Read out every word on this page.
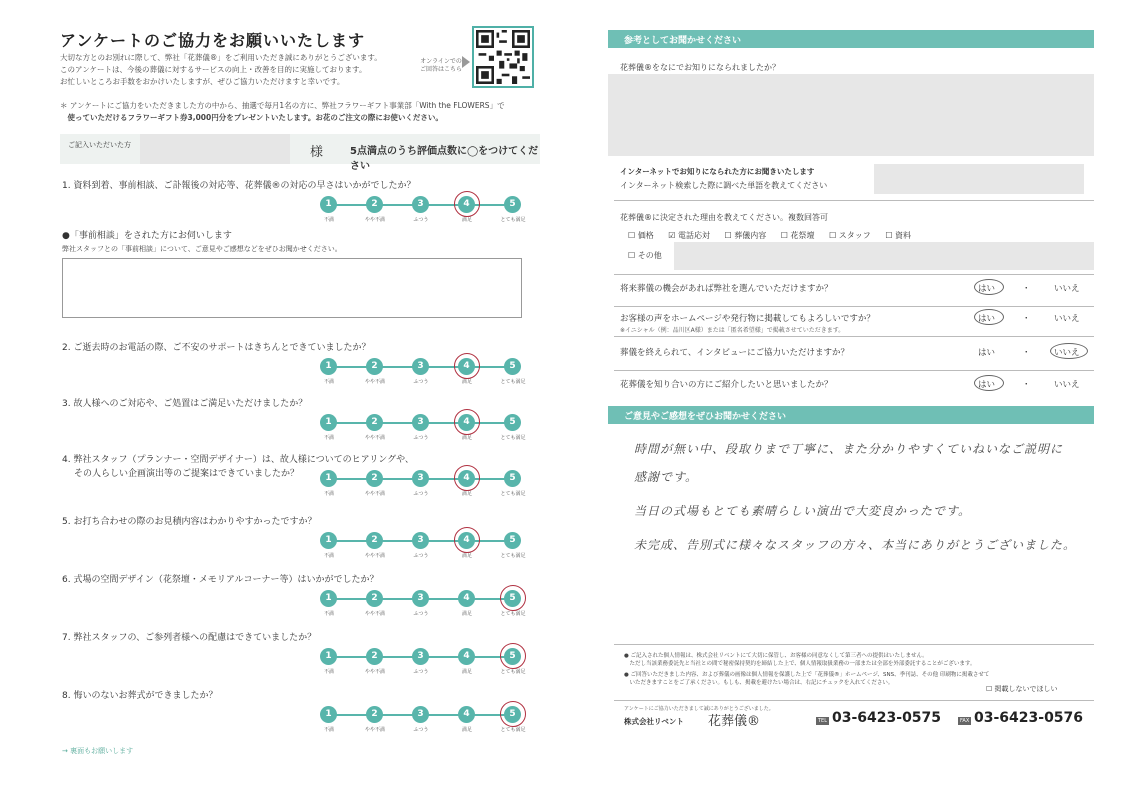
アンケートのご協力をお願いいたします
大切な方とのお別れに際して、弊社「花葬儀®」をご利用いただき誠にありがとうございます。
このアンケートは、今後の葬儀に対するサービスの向上・改善を目的に実施しております。
お忙しいところお手数をおかけいたしますが、ぜひご協力いただけますと幸いです。
オンラインでの
ご回答はこちら
＊ アンケートにご協力をいただきました方の中から、抽選で毎月1名の方に、弊社フラワーギフト事業部「With the FLOWERS」で
　使っていただけるフラワーギフト券3,000円分をプレゼントいたします。お花のご注文の際にお使いください。
ご記入いただいた方	様	5点満点のうち評価点数に◯をつけてください
●「事前相談」をされた方にお伺いします
弊社スタッフとの「事前相談」について、ご意見やご感想などをぜひお聞かせください。
1. 資料到着、事前相談、ご訃報後の対応等、花葬儀®の対応の早さはいかがでしたか？
1
不満
2
やや不満
3
ふつう
4
満足
5
とても満足
2. ご逝去時のお電話の際、ご不安のサポートはきちんとできていましたか？
1
不満
2
やや不満
3
ふつう
4
満足
5
とても満足
3. 故人様へのご対応や、ご処置はご満足いただけましたか？
1
不満
2
やや不満
3
ふつう
4
満足
5
とても満足
4. 弊社スタッフ（プランナー・空間デザイナー）は、故人様についてのヒアリングや、
その人らしい企画演出等のご提案はできていましたか？	1
不満
2
やや不満
3
ふつう
4
満足
5
とても満足
5. お打ち合わせの際のお見積内容はわかりやすかったですか？
1
不満
2
やや不満
3
ふつう
4
満足
5
とても満足
6. 式場の空間デザイン（花祭壇・メモリアルコーナー等）はいかがでしたか？
1
不満
2
やや不満
3
ふつう
4
満足
5
とても満足
7. 弊社スタッフの、ご参列者様への配慮はできていましたか？
1
不満
2
やや不満
3
ふつう
4
満足
5
とても満足
8. 悔いのないお葬式ができましたか？
1
不満
2
やや不満
3
ふつう
4
満足
5
とても満足
→ 裏面もお願いします
参考としてお聞かせください
花葬儀®をなにでお知りになられましたか？
インターネットでお知りになられた方にお聞きいたします
インターネット検索した際に調べた単語を教えてください
花葬儀®に決定された理由を教えてください。複数回答可
☐ 価格 ☑ 電話応対 ☐ 葬儀内容 ☐ 花祭壇 ☐ スタッフ ☐ 資料
☐ その他
将来葬儀の機会があれば弊社を選んでいただけますか？	はい	・	いいえ
お客様の声をホームページや発行物に掲載してもよろしいですか？
※イニシャル（例：品川区A様）または「匿名希望様」で掲載させていただきます。
はい	・	いいえ
葬儀を終えられて、インタビューにご協力いただけますか？	はい	・	いいえ
花葬儀を知り合いの方にご紹介したいと思いましたか？	はい	・	いいえ
ご意見やご感想をぜひお聞かせください
時間が無い中、段取りまで丁寧に、また分かりやすくていねいなご説明に
感謝です。
当日の式場もとても素晴らしい演出で大変良かったです。
未完成、告別式に様々なスタッフの方々、本当にありがとうございました。

● ご記入された個人情報は、株式会社リベントにて大切に保管し、お客様の同意なくして第三者への提供はいたしません。
　ただし当該業務委託先と当社との間で秘密保持契約を締結した上で、個人情報取扱業務の一部または全部を外部委託することがございます。

● ご回答いただきました内容、および葬儀の画像は個人情報を保護した上で「花葬儀®」ホームページ、SNS、季刊誌、その他 印刷物に掲載させて
　いただきますことをご了承ください。もしも、掲載を避けたい場合は、右記にチェックを入れてください。

☐ 掲載しないでほしい
アンケートにご協力いただきまして誠にありがとうございました。
株式会社リベント 花葬儀®	TEL 03-6423-0575	FAX 03-6423-0576
